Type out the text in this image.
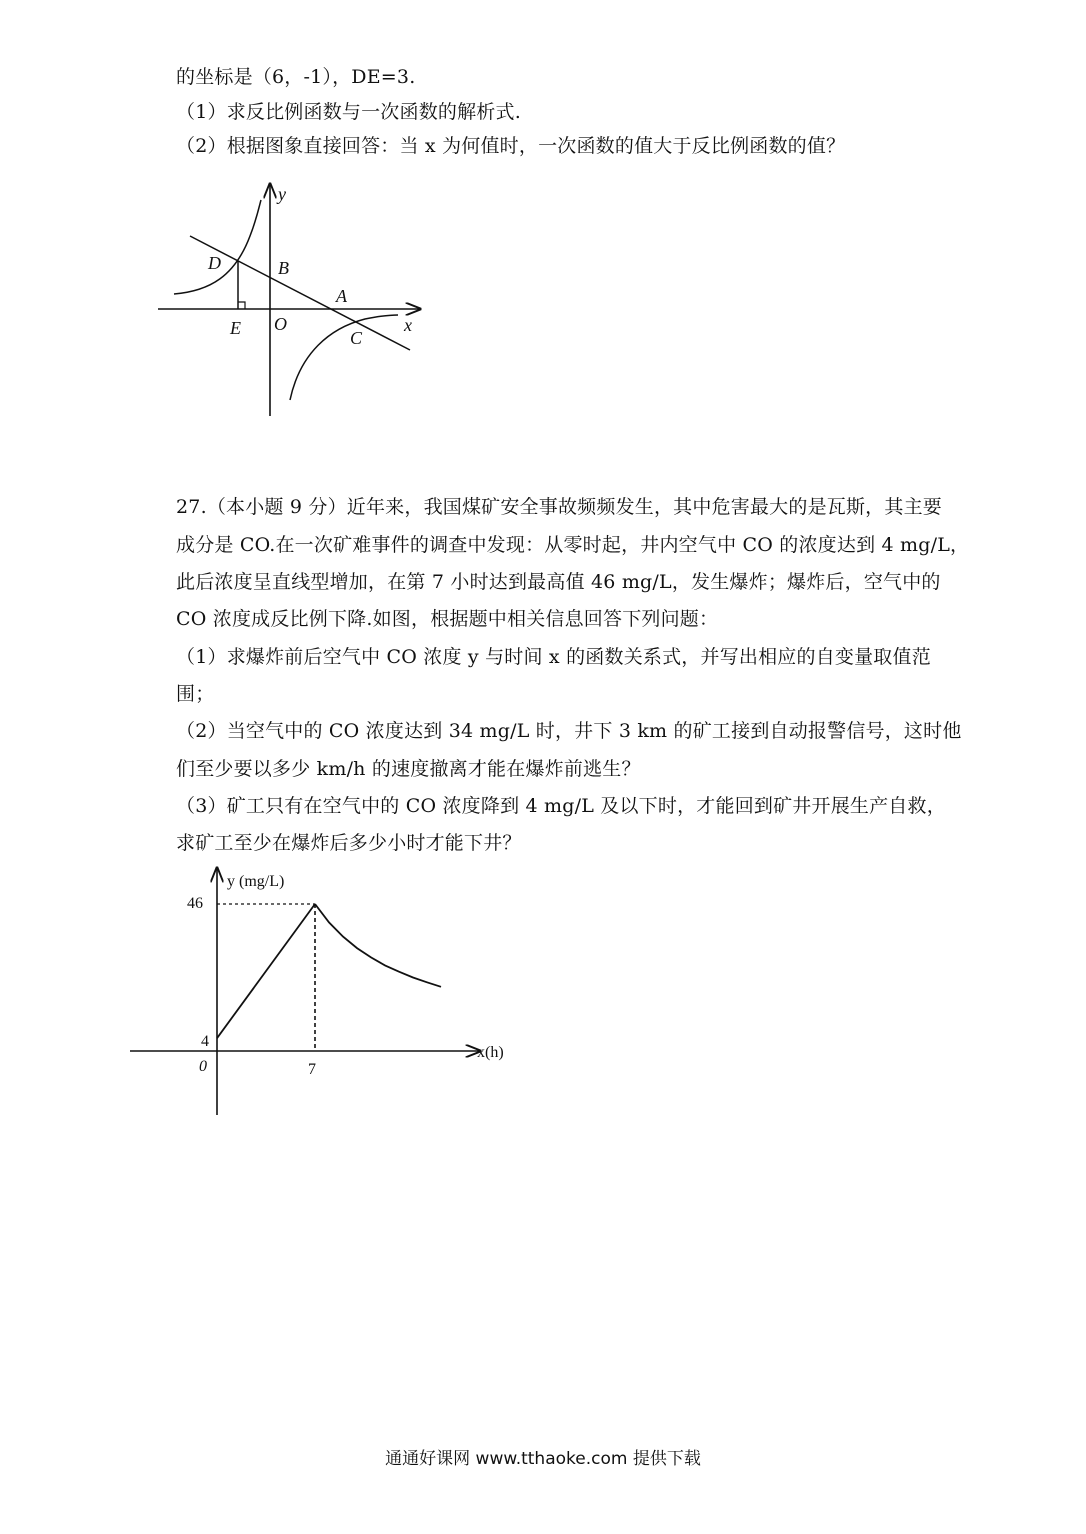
的坐标是（6，-1），DE=3.
（1）求反比例函数与一次函数的解析式.
（2）根据图象直接回答：当 x 为何值时，一次函数的值大于反比例函数的值？
y
x
D	B
A
E O
C
27.（本小题 9 分）近年来，我国煤矿安全事故频频发生，其中危害最大的是瓦斯，其主要
成分是 CO.在一次矿难事件的调查中发现：从零时起，井内空气中 CO 的浓度达到 4 mg/L，
此后浓度呈直线型增加，在第 7 小时达到最高值 46 mg/L，发生爆炸；爆炸后，空气中的
CO 浓度成反比例下降.如图，根据题中相关信息回答下列问题：
（1）求爆炸前后空气中 CO 浓度 y 与时间 x 的函数关系式，并写出相应的自变量取值范
围；
（2）当空气中的 CO 浓度达到 34 mg/L 时，井下 3 km 的矿工接到自动报警信号，这时他
们至少要以多少 km/h 的速度撤离才能在爆炸前逃生？
（3）矿工只有在空气中的 CO 浓度降到 4 mg/L 及以下时，才能回到矿井开展生产自救，
求矿工至少在爆炸后多少小时才能下井？
y (mg/L)
x(h)
0
46
4
7
通通好课网 www.tthaoke.com 提供下载
